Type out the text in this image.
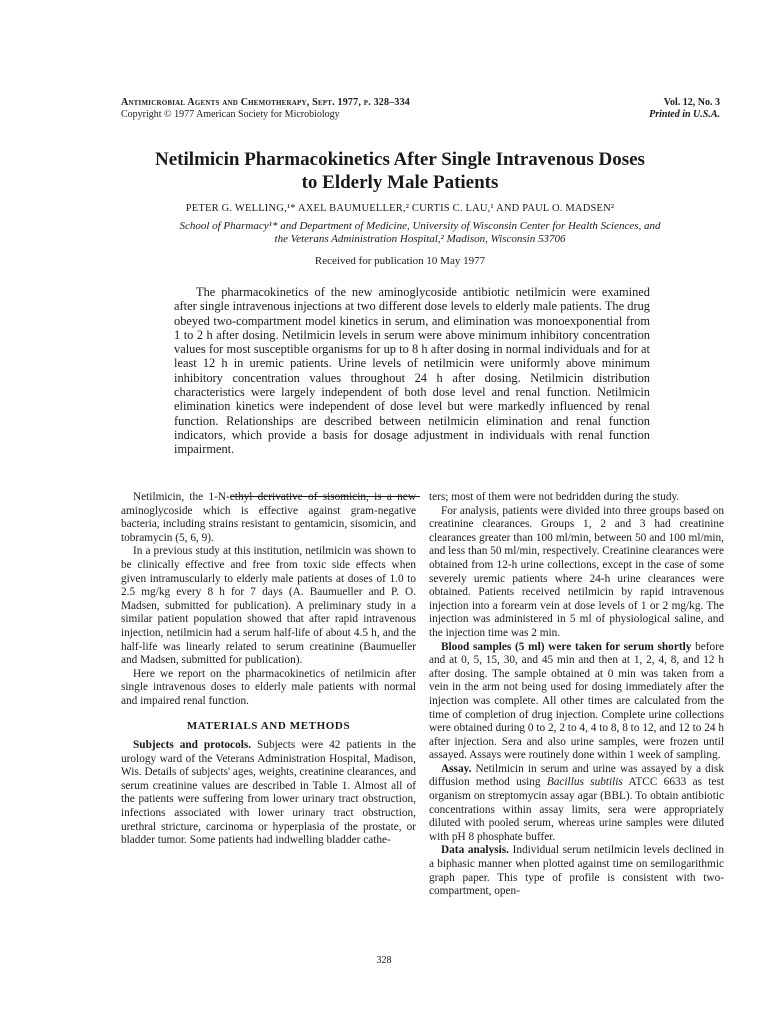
Antimicrobial Agents and Chemotherapy, Sept. 1977, p. 328–334
Copyright © 1977 American Society for Microbiology
Vol. 12, No. 3
Printed in U.S.A.
Netilmicin Pharmacokinetics After Single Intravenous Doses
to Elderly Male Patients
PETER G. WELLING,¹* AXEL BAUMUELLER,² CURTIS C. LAU,¹ AND PAUL O. MADSEN²
School of Pharmacy¹* and Department of Medicine, University of Wisconsin Center for Health Sciences, and
the Veterans Administration Hospital,² Madison, Wisconsin 53706
Received for publication 10 May 1977

The pharmacokinetics of the new aminoglycoside antibiotic netilmicin were examined after single intravenous injections at two different dose levels to elderly male patients. The drug obeyed two-compartment model kinetics in serum, and elimination was monoexponential from 1 to 2 h after dosing. Netilmicin levels in serum were above minimum inhibitory concentration values for most susceptible organisms for up to 8 h after dosing in normal individuals and for at least 12 h in uremic patients. Urine levels of netilmicin were uniformly above minimum inhibitory concentration values throughout 24 h after dosing. Netilmicin distribution characteristics were largely independent of both dose level and renal function. Netilmicin elimination kinetics were independent of dose level but were markedly influenced by renal function. Relationships are described between netilmicin elimination and renal function indicators, which provide a basis for dosage adjustment in individuals with renal function impairment.

Netilmicin, the 1-N-ethyl derivative of sisomicin, is a new aminoglycoside which is effective against gram-negative bacteria, including strains resistant to gentamicin, sisomicin, and tobramycin (5, 6, 9).

In a previous study at this institution, netilmicin was shown to be clinically effective and free from toxic side effects when given intramuscularly to elderly male patients at doses of 1.0 to 2.5 mg/kg every 8 h for 7 days (A. Baumueller and P. O. Madsen, submitted for publication). A preliminary study in a similar patient population showed that after rapid intravenous injection, netilmicin had a serum half-life of about 4.5 h, and the half-life was linearly related to serum creatinine (Baumueller and Madsen, submitted for publication).

Here we report on the pharmacokinetics of netilmicin after single intravenous doses to elderly male patients with normal and impaired renal function.

MATERIALS AND METHODS

Subjects and protocols. Subjects were 42 patients in the urology ward of the Veterans Administration Hospital, Madison, Wis. Details of subjects' ages, weights, creatinine clearances, and serum creatinine values are described in Table 1. Almost all of the patients were suffering from lower urinary tract obstruction, infections associated with lower urinary tract obstruction, urethral stricture, carcinoma or hyperplasia of the prostate, or bladder tumor. Some patients had indwelling bladder cathe-

ters; most of them were not bedridden during the study.

For analysis, patients were divided into three groups based on creatinine clearances. Groups 1, 2 and 3 had creatinine clearances greater than 100 ml/min, between 50 and 100 ml/min, and less than 50 ml/min, respectively. Creatinine clearances were obtained from 12-h urine collections, except in the case of some severely uremic patients where 24-h urine clearances were obtained. Patients received netilmicin by rapid intravenous injection into a forearm vein at dose levels of 1 or 2 mg/kg. The injection was administered in 5 ml of physiological saline, and the injection time was 2 min.

Blood samples (5 ml) were taken for serum shortly before and at 0, 5, 15, 30, and 45 min and then at 1, 2, 4, 8, and 12 h after dosing. The sample obtained at 0 min was taken from a vein in the arm not being used for dosing immediately after the injection was complete. All other times are calculated from the time of completion of drug injection. Complete urine collections were obtained during 0 to 2, 2 to 4, 4 to 8, 8 to 12, and 12 to 24 h after injection. Sera and also urine samples, were frozen until assayed. Assays were routinely done within 1 week of sampling.

Assay. Netilmicin in serum and urine was assayed by a disk diffusion method using Bacillus subtilis ATCC 6633 as test organism on streptomycin assay agar (BBL). To obtain antibiotic concentrations within assay limits, sera were appropriately diluted with pooled serum, whereas urine samples were diluted with pH 8 phosphate buffer.

Data analysis. Individual serum netilmicin levels declined in a biphasic manner when plotted against time on semilogarithmic graph paper. This type of profile is consistent with two-compartment, open-

328
